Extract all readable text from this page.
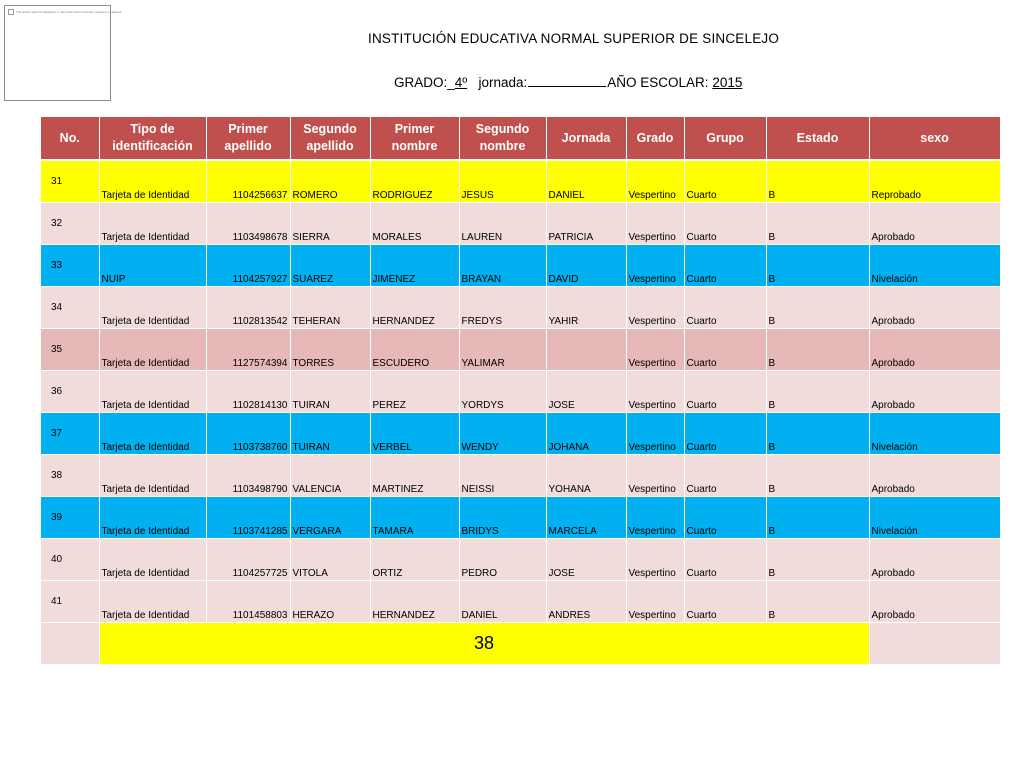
The picture can't be displayed. It may have been removed, renamed, or deleted.
INSTITUCIÓN EDUCATIVA NORMAL SUPERIOR DE SINCELEJO
GRADO:_4º jornada:	AÑO ESCOLAR: 2015
No.	Tipo de identificación	Primer apellido	Segundo apellido	Primer nombre	Segundo nombre	Jornada	Grado	Grupo	Estado	sexo
31	Tarjeta de Identidad	1104256637	ROMERO	RODRIGUEZ	JESUS	DANIEL	Vespertino	Cuarto	B	Reprobado
32	Tarjeta de Identidad	1103498678	SIERRA	MORALES	LAUREN	PATRICIA	Vespertino	Cuarto	B	Aprobado
33	NUIP	1104257927	SUAREZ	JIMENEZ	BRAYAN	DAVID	Vespertino	Cuarto	B	Nivelación
34	Tarjeta de Identidad	1102813542	TEHERAN	HERNANDEZ	FREDYS	YAHIR	Vespertino	Cuarto	B	Aprobado
35	Tarjeta de Identidad	1127574394	TORRES	ESCUDERO	YALIMAR		Vespertino	Cuarto	B	Aprobado
36	Tarjeta de Identidad	1102814130	TUIRAN	PEREZ	YORDYS	JOSE	Vespertino	Cuarto	B	Aprobado
37	Tarjeta de Identidad	1103738760	TUIRAN	VERBEL	WENDY	JOHANA	Vespertino	Cuarto	B	Nivelación
38	Tarjeta de Identidad	1103498790	VALENCIA	MARTINEZ	NEISSI	YOHANA	Vespertino	Cuarto	B	Aprobado
39	Tarjeta de Identidad	1103741285	VERGARA	TAMARA	BRIDYS	MARCELA	Vespertino	Cuarto	B	Nivelación
40	Tarjeta de Identidad	1104257725	VITOLA	ORTIZ	PEDRO	JOSE	Vespertino	Cuarto	B	Aprobado
41	Tarjeta de Identidad	1101458803	HERAZO	HERNANDEZ	DANIEL	ANDRES	Vespertino	Cuarto	B	Aprobado
	38									
